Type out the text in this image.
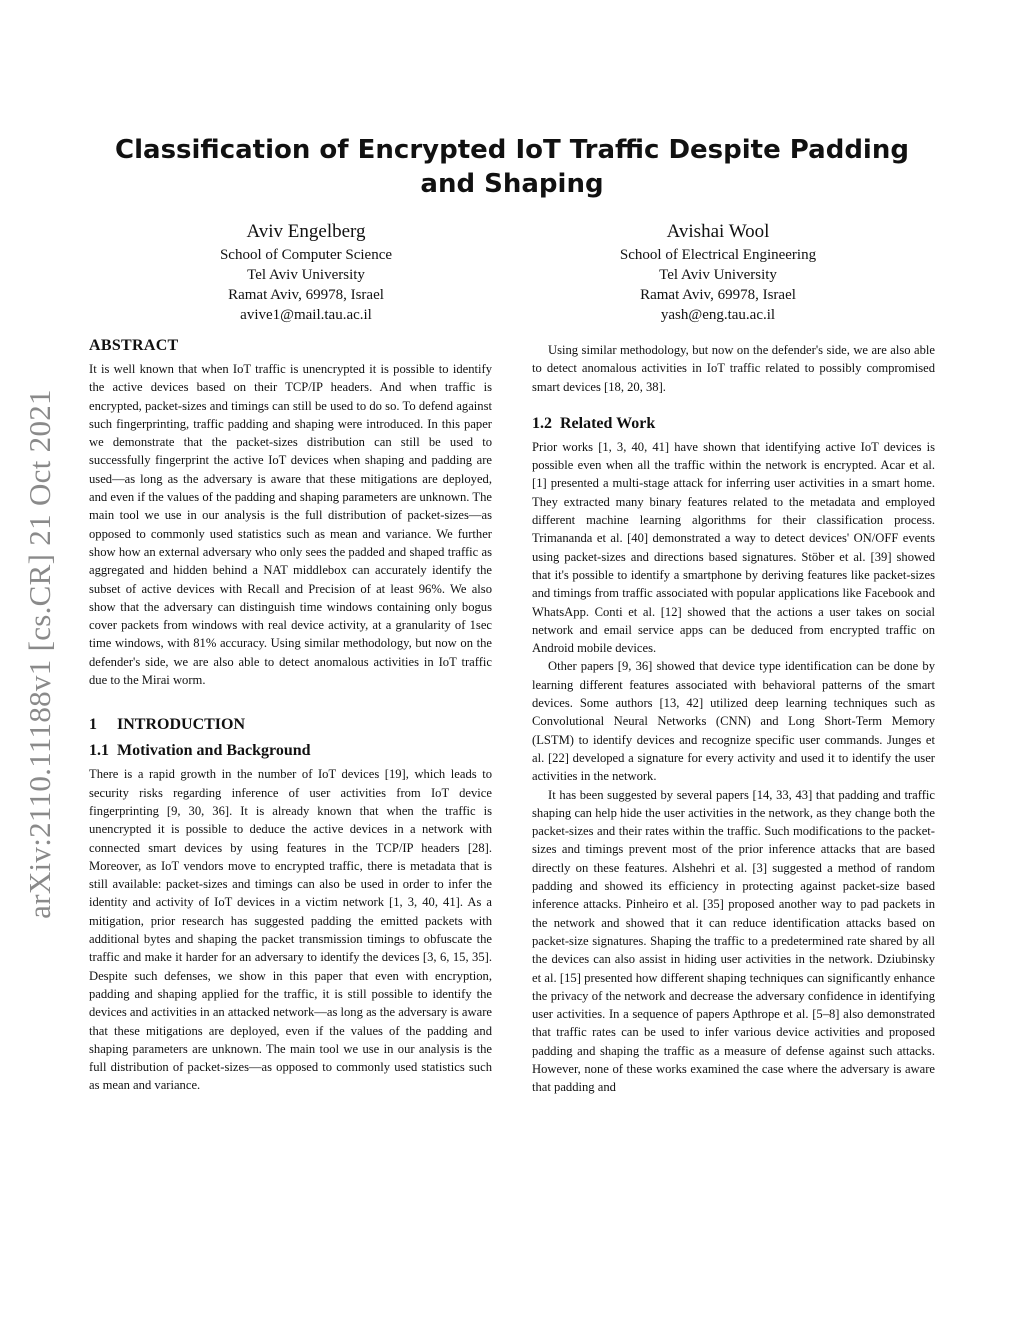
arXiv:2110.11188v1 [cs.CR] 21 Oct 2021
Classification of Encrypted IoT Traffic Despite Padding and Shaping
Aviv Engelberg
School of Computer Science
Tel Aviv University
Ramat Aviv, 69978, Israel
avive1@mail.tau.ac.il
Avishai Wool
School of Electrical Engineering
Tel Aviv University
Ramat Aviv, 69978, Israel
yash@eng.tau.ac.il
ABSTRACT

It is well known that when IoT traffic is unencrypted it is possible to identify the active devices based on their TCP/IP headers. And when traffic is encrypted, packet-sizes and timings can still be used to do so. To defend against such fingerprinting, traffic padding and shaping were introduced. In this paper we demonstrate that the packet-sizes distribution can still be used to successfully fingerprint the active IoT devices when shaping and padding are used—as long as the adversary is aware that these mitigations are deployed, and even if the values of the padding and shaping parameters are unknown. The main tool we use in our analysis is the full distribution of packet-sizes—as opposed to commonly used statistics such as mean and variance. We further show how an external adversary who only sees the padded and shaped traffic as aggregated and hidden behind a NAT middlebox can accurately identify the subset of active devices with Recall and Precision of at least 96%. We also show that the adversary can distinguish time windows containing only bogus cover packets from windows with real device activity, at a granularity of 1sec time windows, with 81% accuracy. Using similar methodology, but now on the defender's side, we are also able to detect anomalous activities in IoT traffic due to the Mirai worm.

1 INTRODUCTION
1.1 Motivation and Background

There is a rapid growth in the number of IoT devices [19], which leads to security risks regarding inference of user activities from IoT device fingerprinting [9, 30, 36]. It is already known that when the traffic is unencrypted it is possible to deduce the active devices in a network with connected smart devices by using features in the TCP/IP headers [28]. Moreover, as IoT vendors move to encrypted traffic, there is metadata that is still available: packet-sizes and timings can also be used in order to infer the identity and activity of IoT devices in a victim network [1, 3, 40, 41]. As a mitigation, prior research has suggested padding the emitted packets with additional bytes and shaping the packet transmission timings to obfuscate the traffic and make it harder for an adversary to identify the devices [3, 6, 15, 35]. Despite such defenses, we show in this paper that even with encryption, padding and shaping applied for the traffic, it is still possible to identify the devices and activities in an attacked network—as long as the adversary is aware that these mitigations are deployed, even if the values of the padding and shaping parameters are unknown. The main tool we use in our analysis is the full distribution of packet-sizes—as opposed to commonly used statistics such as mean and variance.

Using similar methodology, but now on the defender's side, we are also able to detect anomalous activities in IoT traffic related to possibly compromised smart devices [18, 20, 38].

1.2 Related Work

Prior works [1, 3, 40, 41] have shown that identifying active IoT devices is possible even when all the traffic within the network is encrypted. Acar et al. [1] presented a multi-stage attack for inferring user activities in a smart home. They extracted many binary features related to the metadata and employed different machine learning algorithms for their classification process. Trimananda et al. [40] demonstrated a way to detect devices' ON/OFF events using packet-sizes and directions based signatures. Stöber et al. [39] showed that it's possible to identify a smartphone by deriving features like packet-sizes and timings from traffic associated with popular applications like Facebook and WhatsApp. Conti et al. [12] showed that the actions a user takes on social network and email service apps can be deduced from encrypted traffic on Android mobile devices.

Other papers [9, 36] showed that device type identification can be done by learning different features associated with behavioral patterns of the smart devices. Some authors [13, 42] utilized deep learning techniques such as Convolutional Neural Networks (CNN) and Long Short-Term Memory (LSTM) to identify devices and recognize specific user commands. Junges et al. [22] developed a signature for every activity and used it to identify the user activities in the network.

It has been suggested by several papers [14, 33, 43] that padding and traffic shaping can help hide the user activities in the network, as they change both the packet-sizes and their rates within the traffic. Such modifications to the packet-sizes and timings prevent most of the prior inference attacks that are based directly on these features. Alshehri et al. [3] suggested a method of random padding and showed its efficiency in protecting against packet-size based inference attacks. Pinheiro et al. [35] proposed another way to pad packets in the network and showed that it can reduce identification attacks based on packet-size signatures. Shaping the traffic to a predetermined rate shared by all the devices can also assist in hiding user activities in the network. Dziubinsky et al. [15] presented how different shaping techniques can significantly enhance the privacy of the network and decrease the adversary confidence in identifying user activities. In a sequence of papers Apthrope et al. [5–8] also demonstrated that traffic rates can be used to infer various device activities and proposed padding and shaping the traffic as a measure of defense against such attacks. However, none of these works examined the case where the adversary is aware that padding and
